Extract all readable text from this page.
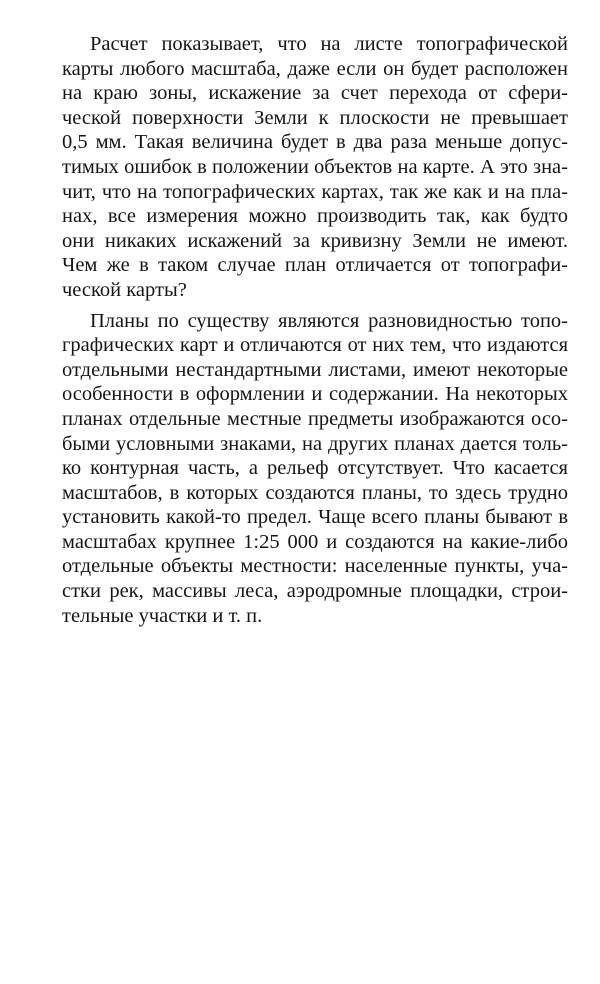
Расчет показывает, что на листе топографической
карты любого масштаба, даже если он будет расположен
на краю зоны, искажение за счет перехода от сфери-
ческой поверхности Земли к плоскости не превышает
0,5 мм. Такая величина будет в два раза меньше допус-
тимых ошибок в положении объектов на карте. А это зна-
чит, что на топографических картах, так же как и на пла-
нах, все измерения можно производить так, как будто
они никаких искажений за кривизну Земли не имеют.
Чем же в таком случае план отличается от топографи-
ческой карты?
Планы по существу являются разновидностью топо-
графических карт и отличаются от них тем, что издаются
отдельными нестандартными листами, имеют некоторые
особенности в оформлении и содержании. На некоторых
планах отдельные местные предметы изображаются осо-
быми условными знаками, на других планах дается толь-
ко контурная часть, а рельеф отсутствует. Что касается
масштабов, в которых создаются планы, то здесь трудно
установить какой-то предел. Чаще всего планы бывают в
масштабах крупнее 1:25 000 и создаются на какие-либо
отдельные объекты местности: населенные пункты, уча-
стки рек, массивы леса, аэродромные площадки, строи-
тельные участки и т. п.
